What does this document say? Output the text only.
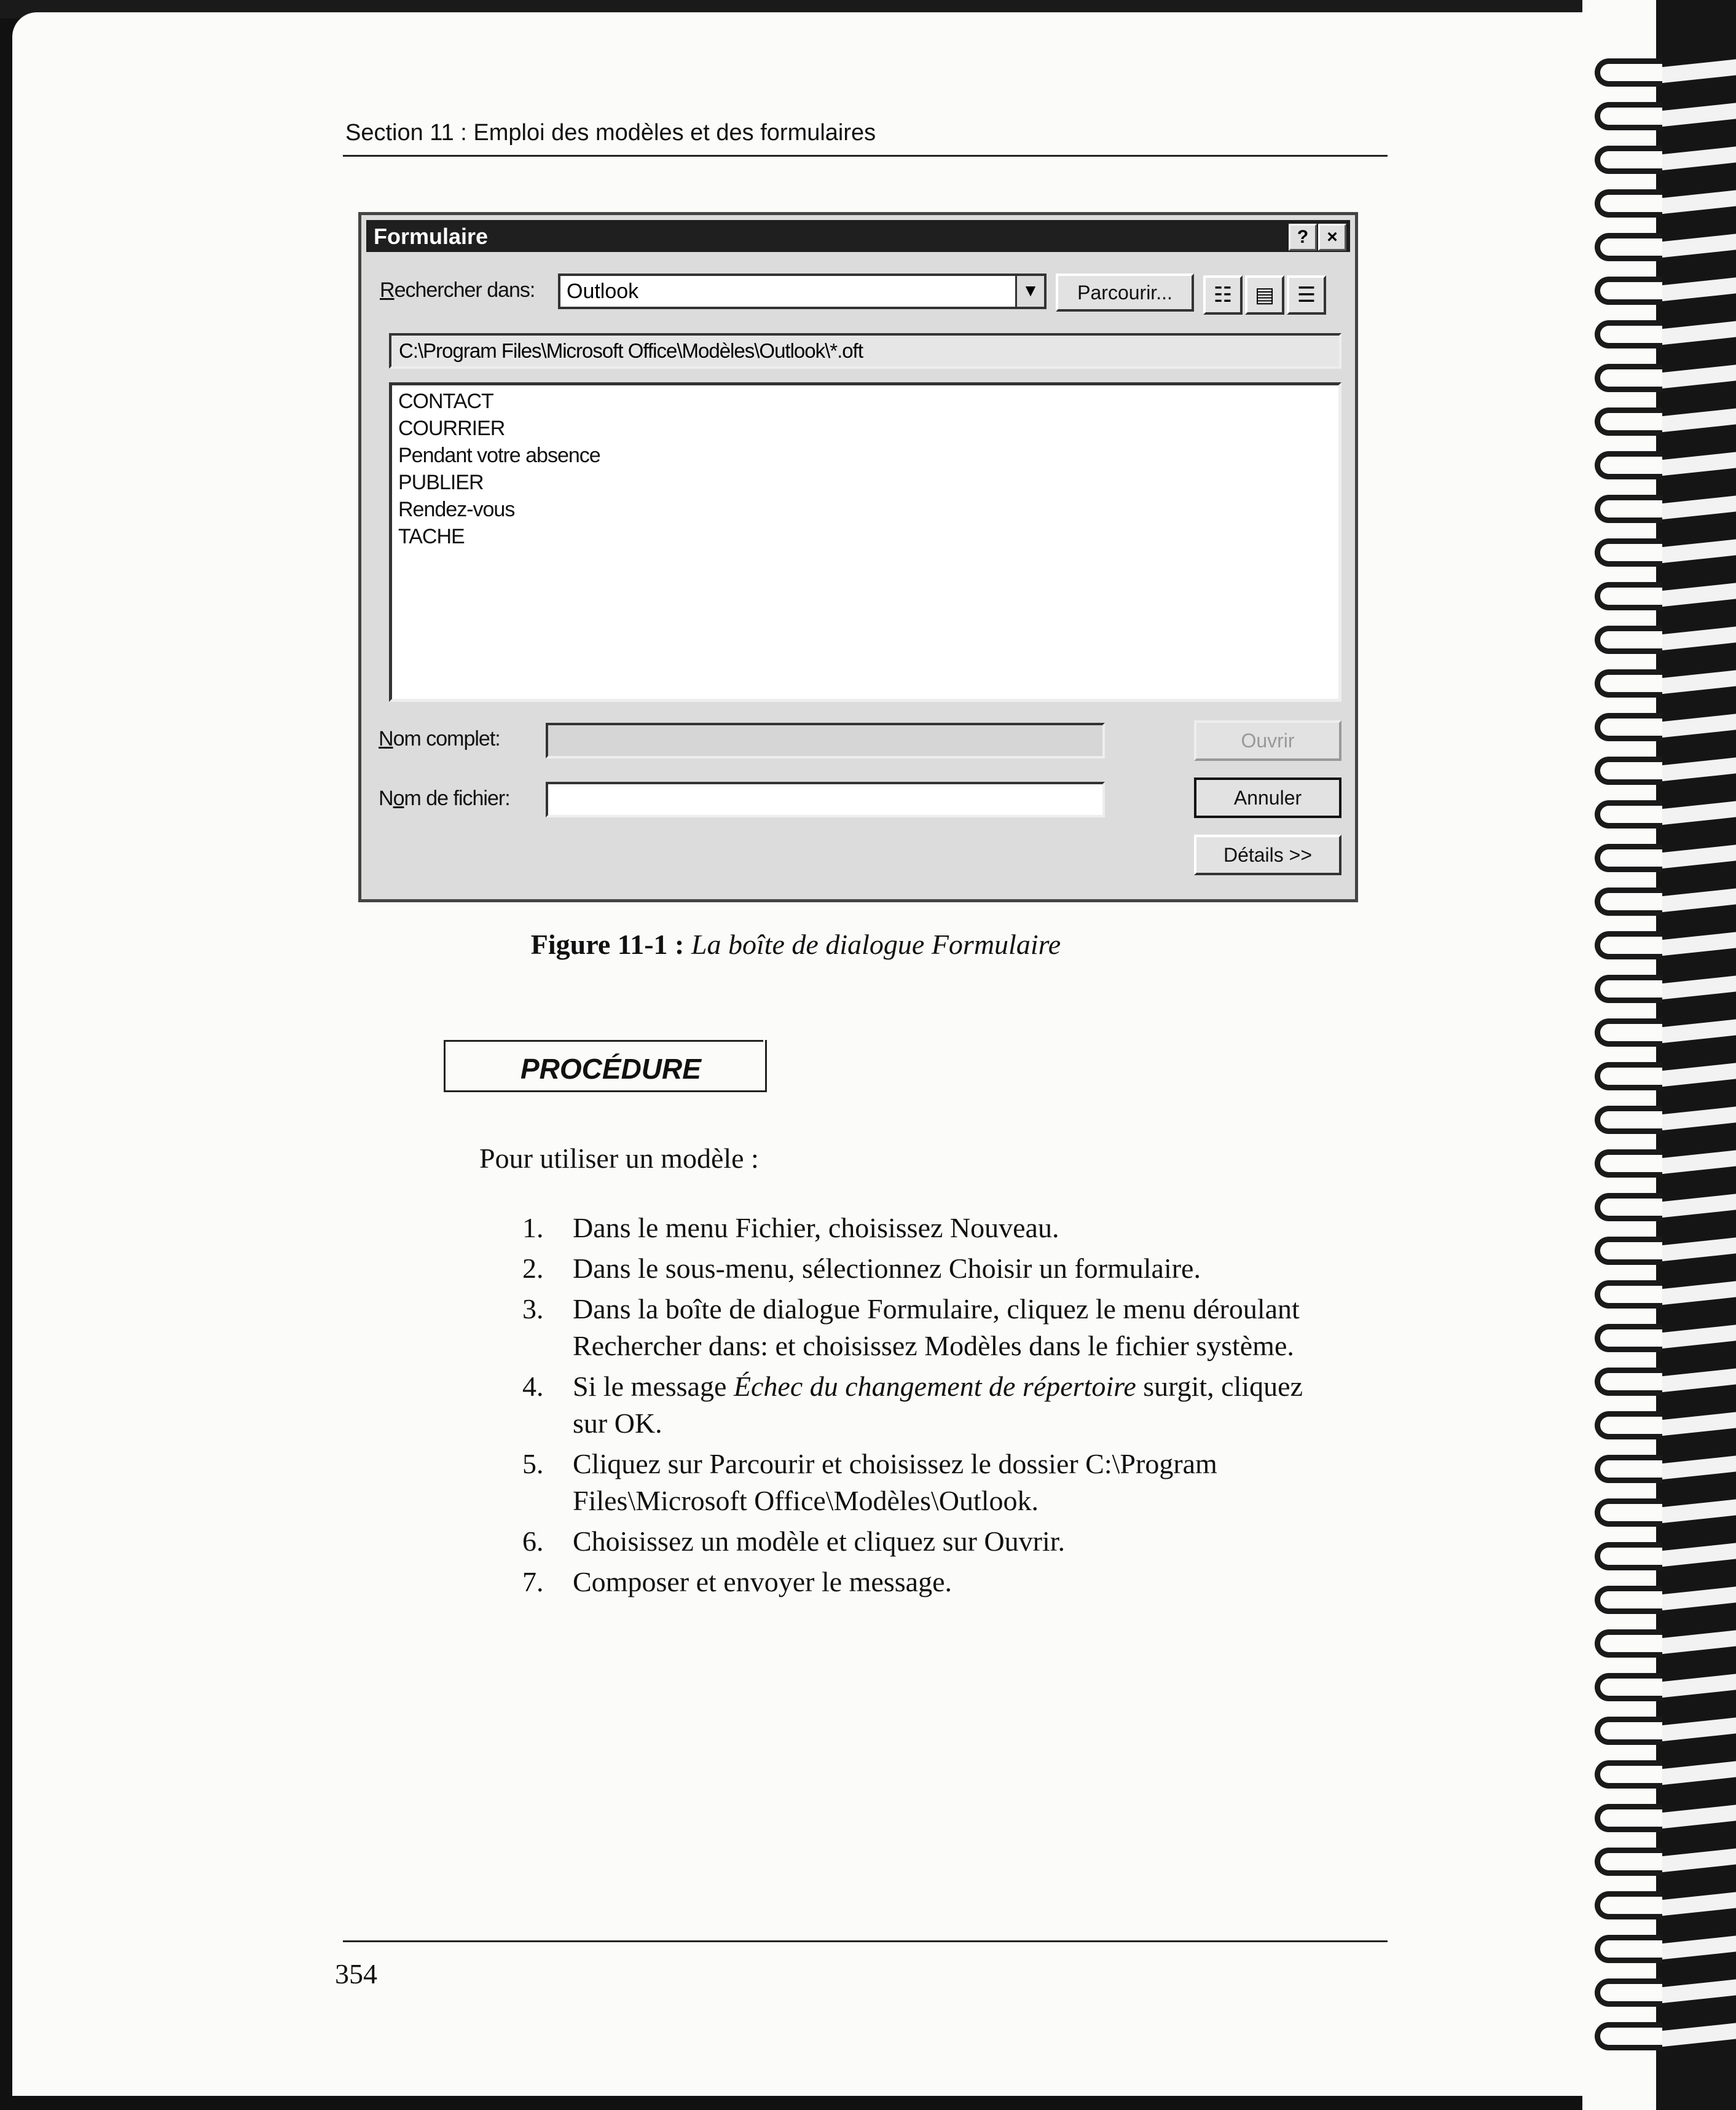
Section 11 : Emploi des modèles et des formulaires
Formulaire	?	×
Rechercher dans: Outlook	▼	Parcourir...	☷	▤	☰
C:\Program Files\Microsoft Office\Modèles\Outlook\*.oft
CONTACT
COURRIER
Pendant votre absence
PUBLIER
Rendez-vous
TACHE
Nom complet:
Nom de fichier:
Ouvrir
Annuler
Détails >>
Figure 11-1 : La boîte de dialogue Formulaire
PROCÉDURE
Pour utiliser un modèle :
1. Dans le menu Fichier, choisissez Nouveau.
2. Dans le sous-menu, sélectionnez Choisir un formulaire.
3. Dans la boîte de dialogue Formulaire, cliquez le menu déroulant Rechercher dans: et choisissez Modèles dans le fichier système.
4. Si le message Échec du changement de répertoire surgit, cliquez sur OK.
5. Cliquez sur Parcourir et choisissez le dossier C:\Program Files\Microsoft Office\Modèles\Outlook.
6. Choisissez un modèle et cliquez sur Ouvrir.
7. Composer et envoyer le message.
354
